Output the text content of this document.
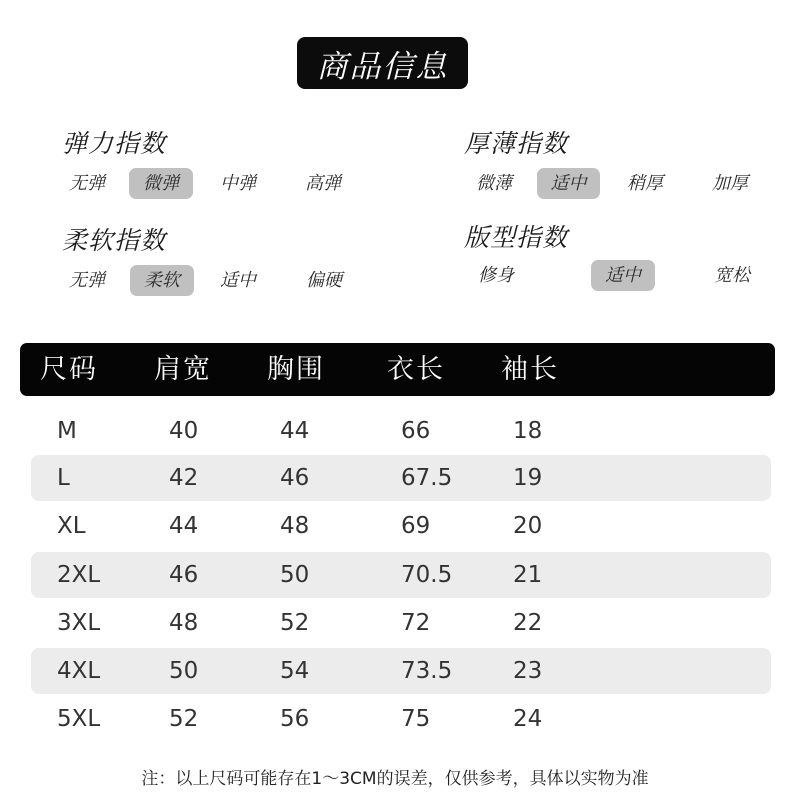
商品信息
弹力指数
无弹	微弹	中弹	高弹
厚薄指数
微薄	适中	稍厚	加厚
柔软指数
无弹	柔软	适中	偏硬
版型指数
修身	适中	宽松
尺码 肩宽 胸围 衣长 袖长
M	40	44	66	18
L	42	46	67.5	19
XL	44	48	69	20
2XL	46	50	70.5	21
3XL	48	52	72	22
4XL	50	54	73.5	23
5XL	52	56	75	24
注：以上尺码可能存在1～3CM的误差，仅供参考，具体以实物为准
